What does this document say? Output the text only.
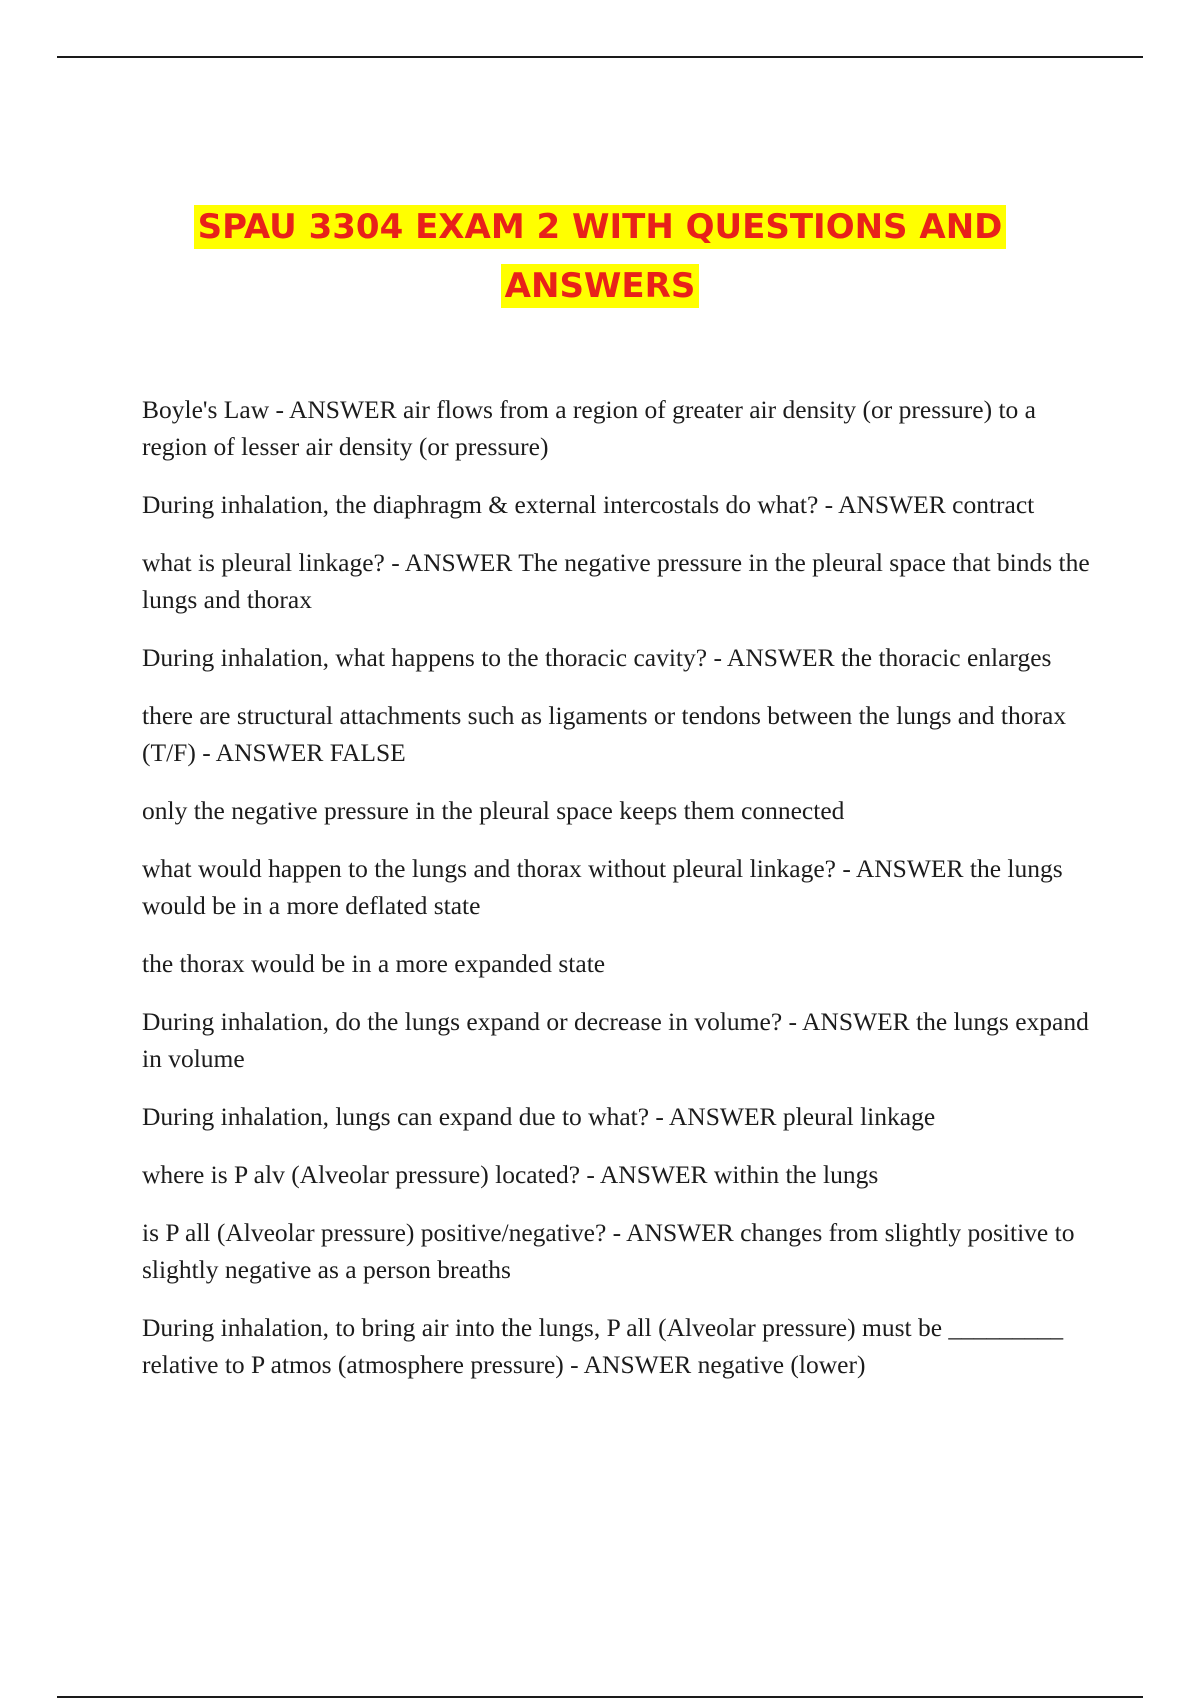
SPAU 3304 EXAM 2 WITH QUESTIONS AND
ANSWERS

Boyle's Law - ANSWER air flows from a region of greater air density (or pressure) to a region of lesser air density (or pressure)

During inhalation, the diaphragm & external intercostals do what? - ANSWER contract

what is pleural linkage? - ANSWER The negative pressure in the pleural space that binds the lungs and thorax

During inhalation, what happens to the thoracic cavity? - ANSWER the thoracic enlarges

there are structural attachments such as ligaments or tendons between the lungs and thorax (T/F) - ANSWER FALSE

only the negative pressure in the pleural space keeps them connected

what would happen to the lungs and thorax without pleural linkage? - ANSWER the lungs would be in a more deflated state

the thorax would be in a more expanded state

During inhalation, do the lungs expand or decrease in volume? - ANSWER the lungs expand in volume

During inhalation, lungs can expand due to what? - ANSWER pleural linkage

where is P alv (Alveolar pressure) located? - ANSWER within the lungs

is P all (Alveolar pressure) positive/negative? - ANSWER changes from slightly positive to slightly negative as a person breaths

During inhalation, to bring air into the lungs, P all (Alveolar pressure) must be _________ relative to P atmos (atmosphere pressure) - ANSWER negative (lower)
